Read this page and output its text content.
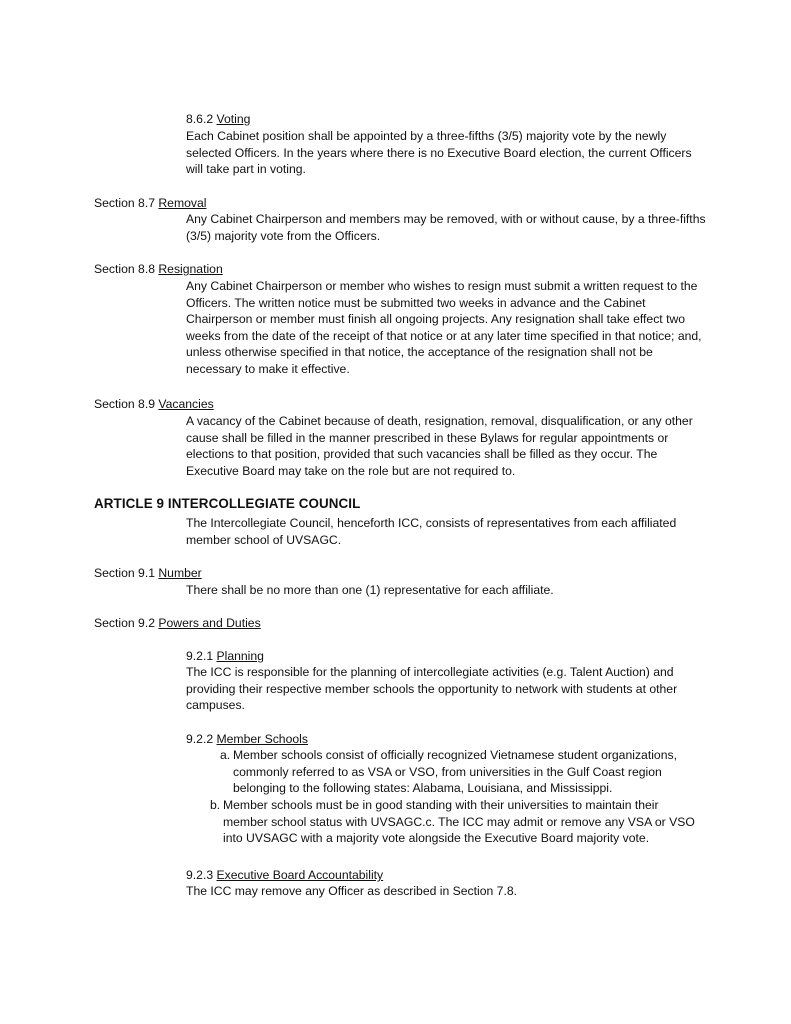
8.6.2 Voting

Each Cabinet position shall be appointed by a three-fifths (3/5) majority vote by the newly selected Officers. In the years where there is no Executive Board election, the current Officers will take part in voting.

Section 8.7 Removal

Any Cabinet Chairperson and members may be removed, with or without cause, by a three-fifths (3/5) majority vote from the Officers.

Section 8.8 Resignation

Any Cabinet Chairperson or member who wishes to resign must submit a written request to the Officers. The written notice must be submitted two weeks in advance and the Cabinet Chairperson or member must finish all ongoing projects. Any resignation shall take effect two weeks from the date of the receipt of that notice or at any later time specified in that notice; and, unless otherwise specified in that notice, the acceptance of the resignation shall not be necessary to make it effective.

Section 8.9 Vacancies

A vacancy of the Cabinet because of death, resignation, removal, disqualification, or any other cause shall be filled in the manner prescribed in these Bylaws for regular appointments or elections to that position, provided that such vacancies shall be filled as they occur. The Executive Board may take on the role but are not required to.

ARTICLE 9 INTERCOLLEGIATE COUNCIL

The Intercollegiate Council, henceforth ICC, consists of representatives from each affiliated member school of UVSAGC.

Section 9.1 Number

There shall be no more than one (1) representative for each affiliate.

Section 9.2 Powers and Duties
9.2.1 Planning

The ICC is responsible for the planning of intercollegiate activities (e.g. Talent Auction) and providing their respective member schools the opportunity to network with students at other campuses.

9.2.2 Member Schools
a. Member schools consist of officially recognized Vietnamese student organizations, commonly referred to as VSA or VSO, from universities in the Gulf Coast region belonging to the following states: Alabama, Louisiana, and Mississippi.
b. Member schools must be in good standing with their universities to maintain their member school status with UVSAGC.c. The ICC may admit or remove any VSA or VSO into UVSAGC with a majority vote alongside the Executive Board majority vote.
9.2.3 Executive Board Accountability

The ICC may remove any Officer as described in Section 7.8.
